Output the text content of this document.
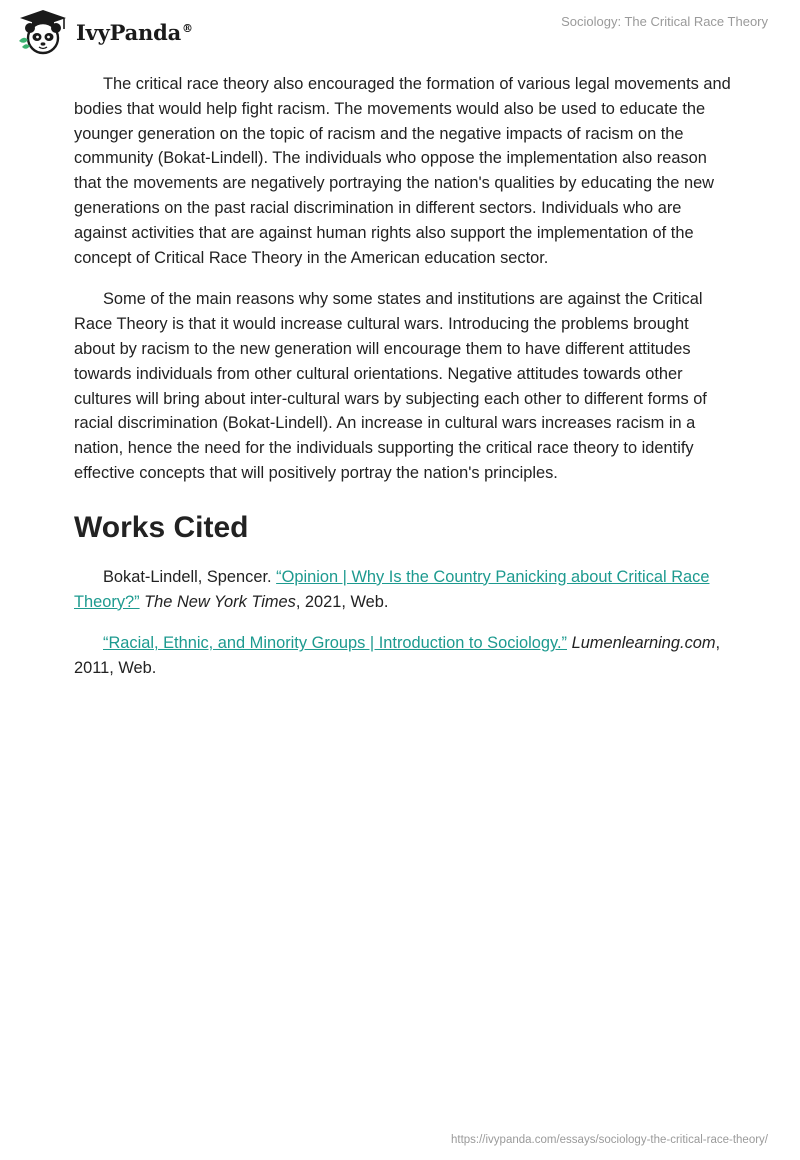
IvyPanda®	Sociology: The Critical Race Theory

The critical race theory also encouraged the formation of various legal movements and bodies that would help fight racism. The movements would also be used to educate the younger generation on the topic of racism and the negative impacts of racism on the community (Bokat-Lindell). The individuals who oppose the implementation also reason that the movements are negatively portraying the nation's qualities by educating the new generations on the past racial discrimination in different sectors. Individuals who are against activities that are against human rights also support the implementation of the concept of Critical Race Theory in the American education sector.

Some of the main reasons why some states and institutions are against the Critical Race Theory is that it would increase cultural wars. Introducing the problems brought about by racism to the new generation will encourage them to have different attitudes towards individuals from other cultural orientations. Negative attitudes towards other cultures will bring about inter-cultural wars by subjecting each other to different forms of racial discrimination (Bokat-Lindell). An increase in cultural wars increases racism in a nation, hence the need for the individuals supporting the critical race theory to identify effective concepts that will positively portray the nation's principles.

Works Cited

Bokat-Lindell, Spencer. “Opinion | Why Is the Country Panicking about Critical Race Theory?” The New York Times, 2021, Web.

“Racial, Ethnic, and Minority Groups | Introduction to Sociology.” Lumenlearning.com, 2011, Web.

https://ivypanda.com/essays/sociology-the-critical-race-theory/
